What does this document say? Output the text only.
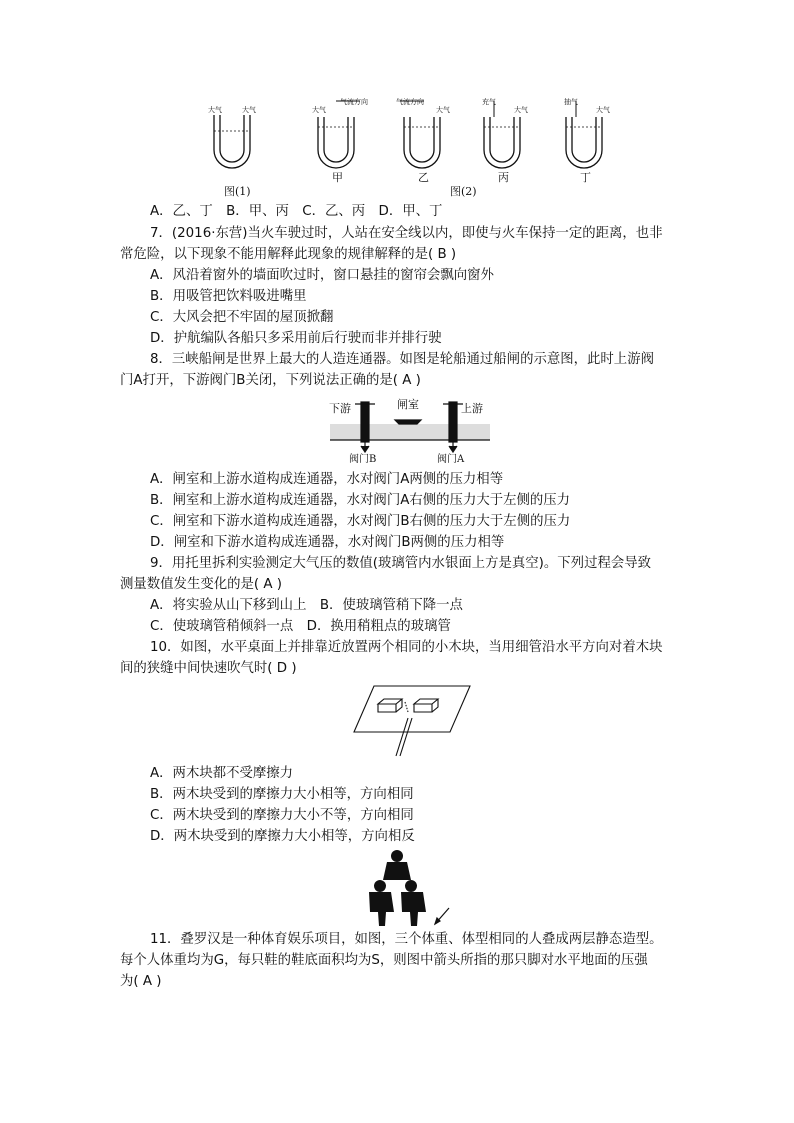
大气	大气	大气
气流方向	气流方向
大气
充气
大气
抽气
大气
图(1)
甲	乙
图(2)
丙	丁
A．乙、丁　B．甲、丙　C．乙、丙　D．甲、丁
7．(2016·东营)当火车驶过时，人站在安全线以内，即使与火车保持一定的距离，也非
常危险，以下现象不能用解释此现象的规律解释的是( B )
A．风沿着窗外的墙面吹过时，窗口悬挂的窗帘会飘向窗外
B．用吸管把饮料吸进嘴里
C．大风会把不牢固的屋顶掀翻
D．护航编队各船只多采用前后行驶而非并排行驶
8．三峡船闸是世界上最大的人造连通器。如图是轮船通过船闸的示意图，此时上游阀
门A打开，下游阀门B关闭，下列说法正确的是( A )
下游	闸室	上游
阀门B	阀门A
A．闸室和上游水道构成连通器，水对阀门A两侧的压力相等
B．闸室和上游水道构成连通器，水对阀门A右侧的压力大于左侧的压力
C．闸室和下游水道构成连通器，水对阀门B右侧的压力大于左侧的压力
D．闸室和下游水道构成连通器，水对阀门B两侧的压力相等
9．用托里拆利实验测定大气压的数值(玻璃管内水银面上方是真空)。下列过程会导致
测量数值发生变化的是( A )
A．将实验从山下移到山上　B．使玻璃管稍下降一点
C．使玻璃管稍倾斜一点　D．换用稍粗点的玻璃管
10．如图，水平桌面上并排靠近放置两个相同的小木块，当用细管沿水平方向对着木块
间的狭缝中间快速吹气时( D )
A．两木块都不受摩擦力
B．两木块受到的摩擦力大小相等，方向相同
C．两木块受到的摩擦力大小不等，方向相同
D．两木块受到的摩擦力大小相等，方向相反
11．叠罗汉是一种体育娱乐项目，如图，三个体重、体型相同的人叠成两层静态造型。
每个人体重均为G，每只鞋的鞋底面积均为S，则图中箭头所指的那只脚对水平地面的压强
为( A )
